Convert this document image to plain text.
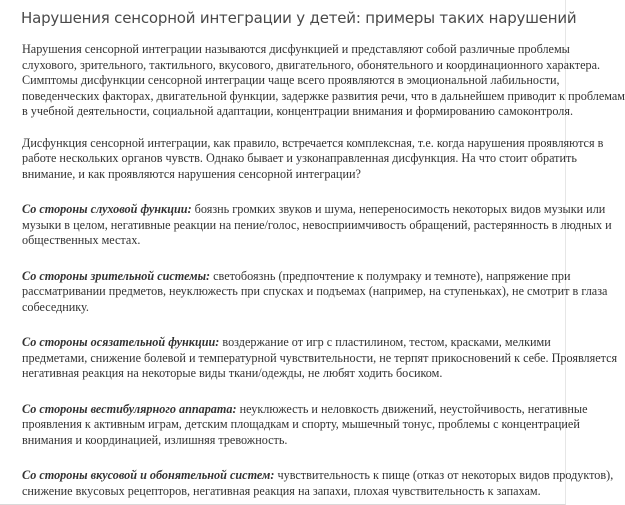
Нарушения сенсорной интеграции у детей: примеры таких нарушений

Нарушения сенсорной интеграции называются дисфункцией и представляют собой различные проблемы

слухового, зрительного, тактильного, вкусового, двигательного, обонятельного и координационного характера.

Симптомы дисфункции сенсорной интеграции чаще всего проявляются в эмоциональной лабильности,

поведенческих факторах, двигательной функции, задержке развития речи, что в дальнейшем приводит к проблемам

в учебной деятельности, социальной адаптации, концентрации внимания и формированию самоконтроля.

Дисфункция сенсорной интеграции, как правило, встречается комплексная, т.е. когда нарушения проявляются в

работе нескольких органов чувств. Однако бывает и узконаправленная дисфункция. На что стоит обратить

внимание, и как проявляются нарушения сенсорной интеграции?

Со стороны слуховой функции: боязнь громких звуков и шума, непереносимость некоторых видов музыки или

музыки в целом, негативные реакции на пение/голос, невосприимчивость обращений, растерянность в людных и

общественных местах.

Со стороны зрительной системы: светобоязнь (предпочтение к полумраку и темноте), напряжение при

рассматривании предметов, неуклюжесть при спусках и подъемах (например, на ступеньках), не смотрит в глаза

собеседнику.

Со стороны осязательной функции: воздержание от игр с пластилином, тестом, красками, мелкими

предметами, снижение болевой и температурной чувствительности, не терпят прикосновений к себе. Проявляется

негативная реакция на некоторые виды ткани/одежды, не любят ходить босиком.

Со стороны вестибулярного аппарата: неуклюжесть и неловкость движений, неустойчивость, негативные

проявления к активным играм, детским площадкам и спорту, мышечный тонус, проблемы с концентрацией

внимания и координацией, излишняя тревожность.

Со стороны вкусовой и обонятельной систем: чувствительность к пище (отказ от некоторых видов продуктов),

снижение вкусовых рецепторов, негативная реакция на запахи, плохая чувствительность к запахам.
